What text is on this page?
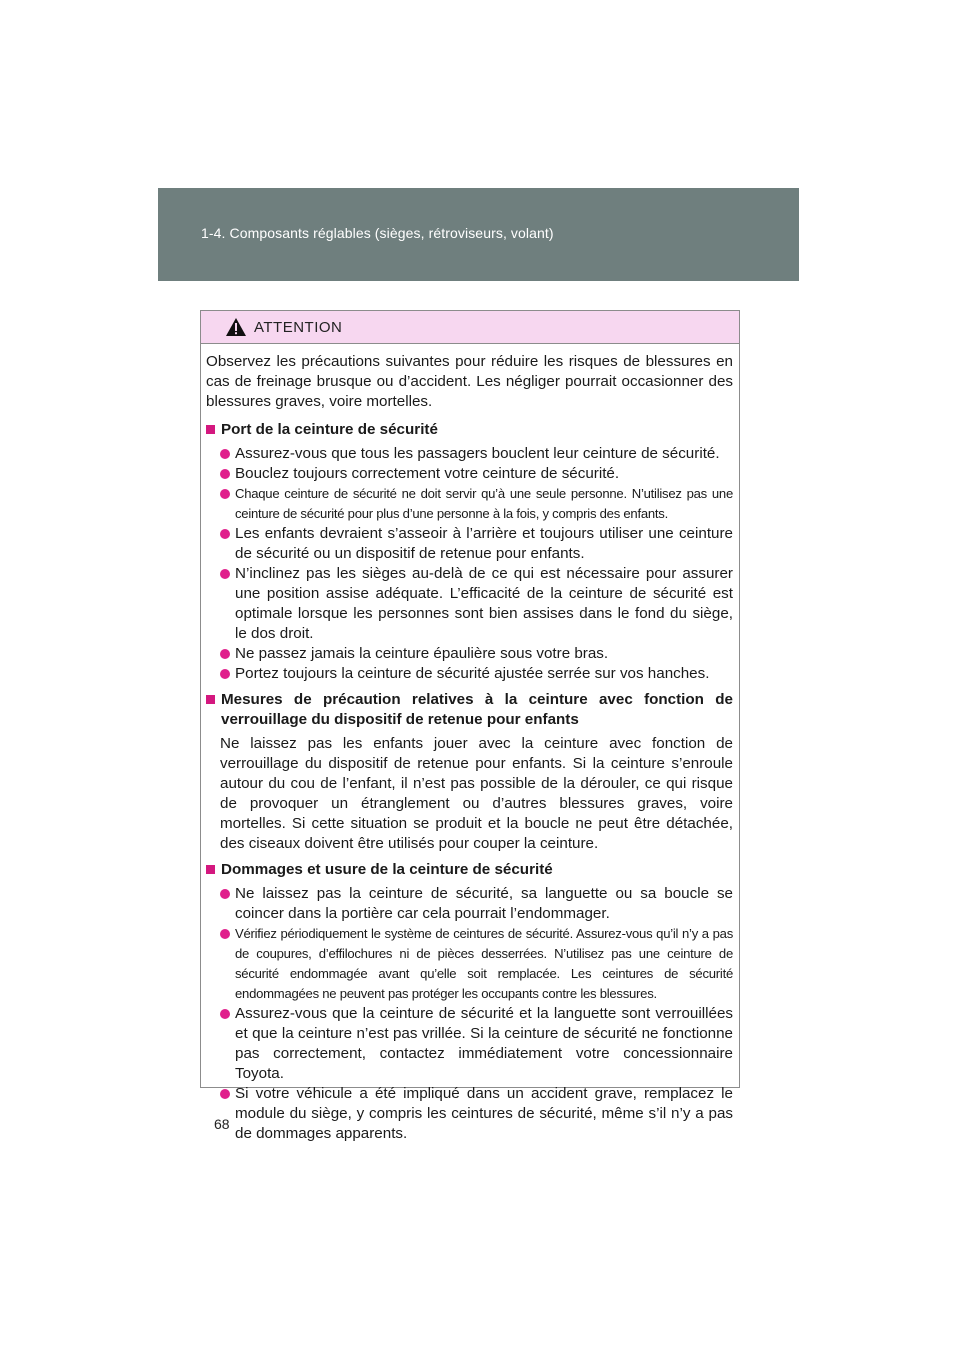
1-4. Composants réglables (sièges, rétroviseurs, volant)
ATTENTION

Observez les précautions suivantes pour réduire les risques de blessures en cas de freinage brusque ou d’accident. Les négliger pourrait occasionner des blessures graves, voire mortelles.

Port de la ceinture de sécurité
Assurez-vous que tous les passagers bouclent leur ceinture de sécurité.
Bouclez toujours correctement votre ceinture de sécurité.
Chaque ceinture de sécurité ne doit servir qu’à une seule personne. N’utilisez pas une ceinture de sécurité pour plus d’une personne à la fois, y compris des enfants.
Les enfants devraient s’asseoir à l’arrière et toujours utiliser une ceinture de sécurité ou un dispositif de retenue pour enfants.
N’inclinez pas les sièges au-delà de ce qui est nécessaire pour assurer une position assise adéquate. L’efficacité de la ceinture de sécurité est optimale lorsque les personnes sont bien assises dans le fond du siège, le dos droit.
Ne passez jamais la ceinture épaulière sous votre bras.
Portez toujours la ceinture de sécurité ajustée serrée sur vos hanches.
Mesures de précaution relatives à la ceinture avec fonction de verrouillage du dispositif de retenue pour enfants

Ne laissez pas les enfants jouer avec la ceinture avec fonction de verrouillage du dispositif de retenue pour enfants. Si la ceinture s’enroule autour du cou de l’enfant, il n’est pas possible de la dérouler, ce qui risque de provoquer un étranglement ou d’autres blessures graves, voire mortelles. Si cette situation se produit et la boucle ne peut être détachée, des ciseaux doivent être utilisés pour couper la ceinture.

Dommages et usure de la ceinture de sécurité
Ne laissez pas la ceinture de sécurité, sa languette ou sa boucle se coincer dans la portière car cela pourrait l’endommager.
Vérifiez périodiquement le système de ceintures de sécurité. Assurez-vous qu’il n’y a pas de coupures, d’effilochures ni de pièces desserrées. N’utilisez pas une ceinture de sécurité endommagée avant qu’elle soit remplacée. Les ceintures de sécurité endommagées ne peuvent pas protéger les occupants contre les blessures.
Assurez-vous que la ceinture de sécurité et la languette sont verrouillées et que la ceinture n’est pas vrillée. Si la ceinture de sécurité ne fonctionne pas correctement, contactez immédiatement votre concessionnaire Toyota.
Si votre véhicule a été impliqué dans un accident grave, remplacez le module du siège, y compris les ceintures de sécurité, même s’il n’y a pas de dommages apparents.
68
